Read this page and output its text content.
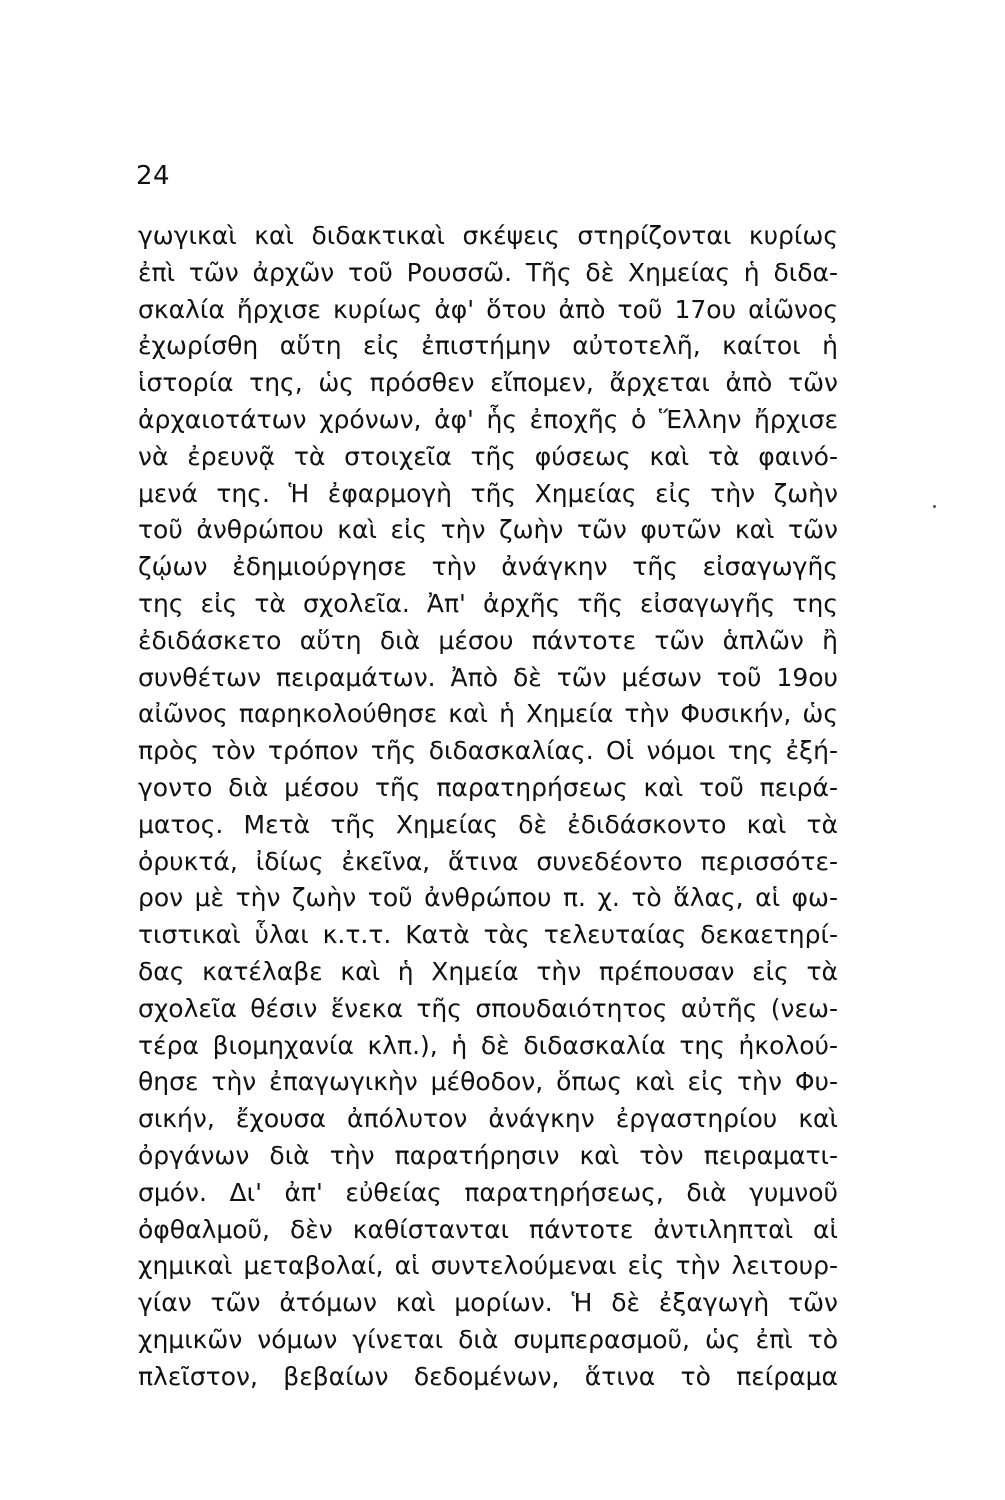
24
γωγικαὶ καὶ διδακτικαὶ σκέψεις στηρίζονται κυρίως
ἐπὶ τῶν ἀρχῶν τοῦ Ρουσσῶ. Τῆς δὲ Χημείας ἡ διδα-
σκαλία ἤρχισε κυρίως ἀφ' ὅτου ἀπὸ τοῦ 17ου αἰῶνος
ἐχωρίσθη αὕτη εἰς ἐπιστήμην αὐτοτελῆ, καίτοι ἡ
ἱστορία της, ὡς πρόσθεν εἴπομεν, ἄρχεται ἀπὸ τῶν
ἀρχαιοτάτων χρόνων, ἀφ' ἧς ἐποχῆς ὁ Ἕλλην ἤρχισε
νὰ ἐρευνᾷ τὰ στοιχεῖα τῆς φύσεως καὶ τὰ φαινό-
μενά της. Ἡ ἐφαρμογὴ τῆς Χημείας εἰς τὴν ζωὴν
τοῦ ἀνθρώπου καὶ εἰς τὴν ζωὴν τῶν φυτῶν καὶ τῶν
ζῴων ἐδημιούργησε τὴν ἀνάγκην τῆς εἰσαγωγῆς
της εἰς τὰ σχολεῖα. Ἀπ' ἀρχῆς τῆς εἰσαγωγῆς της
ἐδιδάσκετο αὕτη διὰ μέσου πάντοτε τῶν ἁπλῶν ἢ
συνθέτων πειραμάτων. Ἀπὸ δὲ τῶν μέσων τοῦ 19ου
αἰῶνος παρηκολούθησε καὶ ἡ Χημεία τὴν Φυσικήν, ὡς
πρὸς τὸν τρόπον τῆς διδασκαλίας. Οἱ νόμοι της ἐξή-
γοντο διὰ μέσου τῆς παρατηρήσεως καὶ τοῦ πειρά-
ματος. Μετὰ τῆς Χημείας δὲ ἐδιδάσκοντο καὶ τὰ
ὀρυκτά, ἰδίως ἐκεῖνα, ἅτινα συνεδέοντο περισσότε-
ρον μὲ τὴν ζωὴν τοῦ ἀνθρώπου π. χ. τὸ ἅλας, αἱ φω-
τιστικαὶ ὗλαι κ.τ.τ. Κατὰ τὰς τελευταίας δεκαετηρί-
δας κατέλαβε καὶ ἡ Χημεία τὴν πρέπουσαν εἰς τὰ
σχολεῖα θέσιν ἕνεκα τῆς σπουδαιότητος αὐτῆς (νεω-
τέρα βιομηχανία κλπ.), ἡ δὲ διδασκαλία της ἠκολού-
θησε τὴν ἐπαγωγικὴν μέθοδον, ὅπως καὶ εἰς τὴν Φυ-
σικήν, ἔχουσα ἀπόλυτον ἀνάγκην ἐργαστηρίου καὶ
ὀργάνων διὰ τὴν παρατήρησιν καὶ τὸν πειραματι-
σμόν. Δι' ἀπ' εὐθείας παρατηρήσεως, διὰ γυμνοῦ
ὀφθαλμοῦ, δὲν καθίστανται πάντοτε ἀντιληπταὶ αἱ
χημικαὶ μεταβολαί, αἱ συντελούμεναι εἰς τὴν λειτουρ-
γίαν τῶν ἀτόμων καὶ μορίων. Ἡ δὲ ἐξαγωγὴ τῶν
χημικῶν νόμων γίνεται διὰ συμπερασμοῦ, ὡς ἐπὶ τὸ
πλεῖστον, βεβαίων δεδομένων, ἅτινα τὸ πείραμα
